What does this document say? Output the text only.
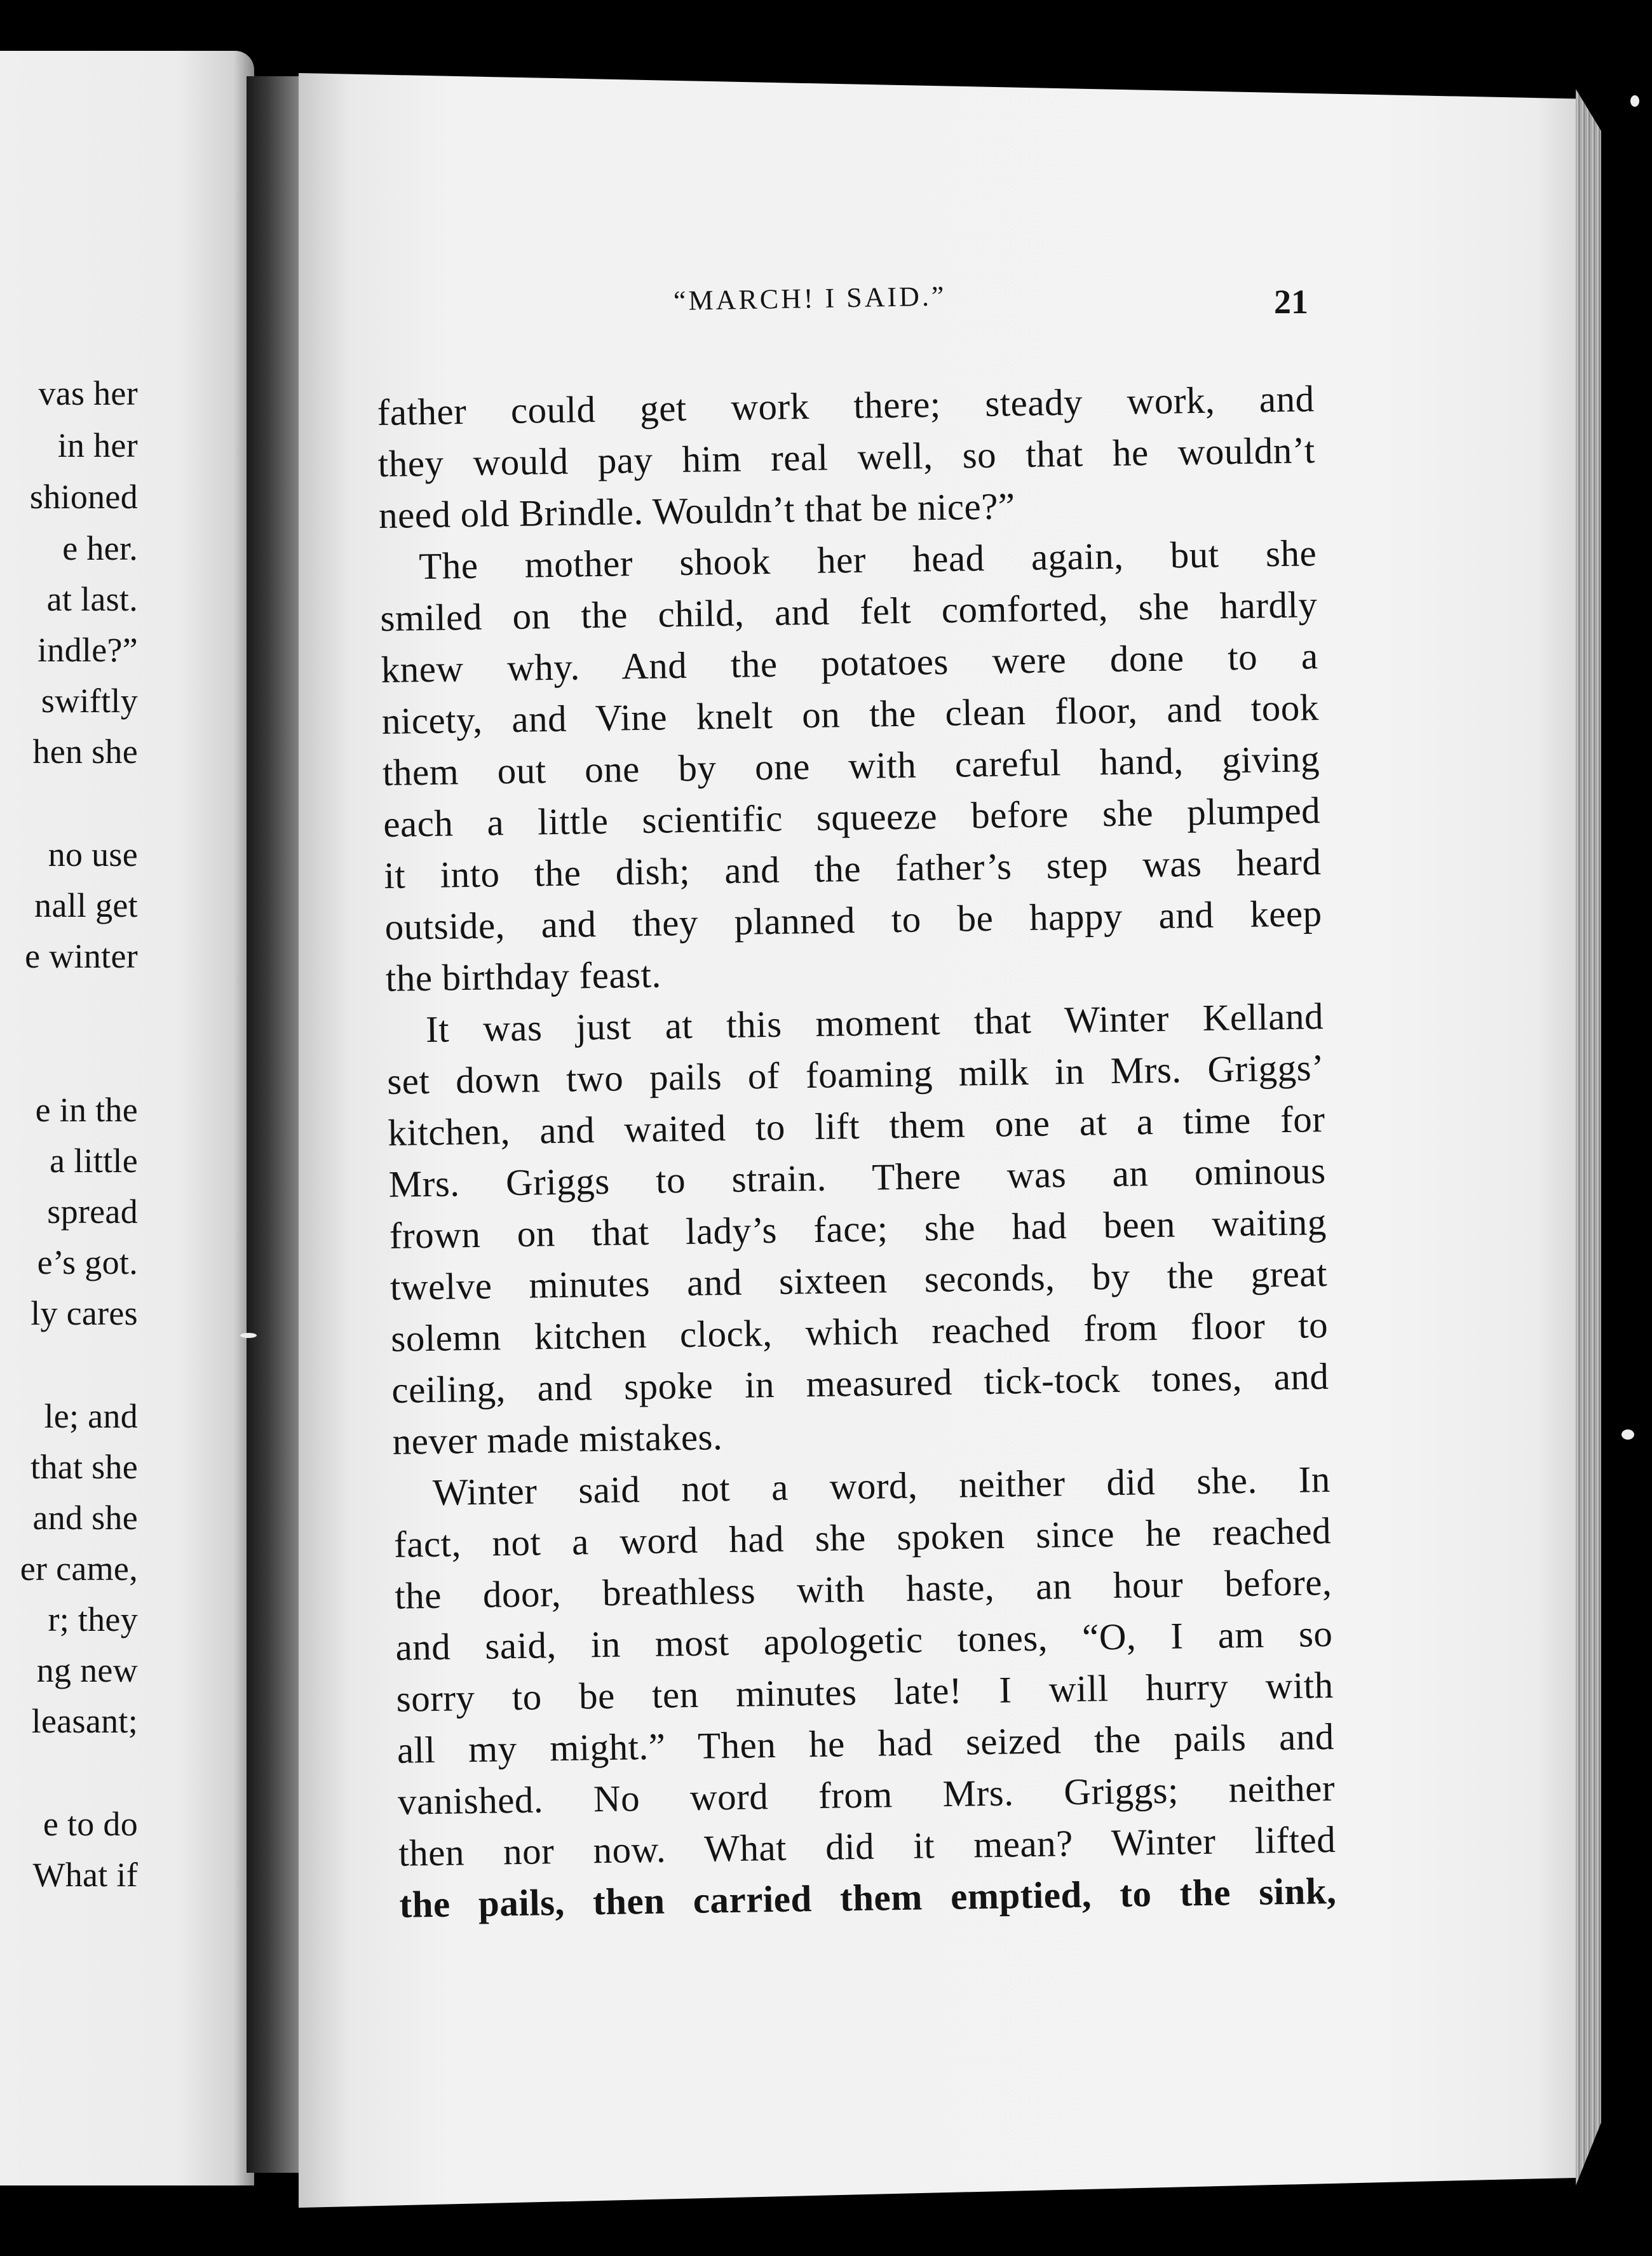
vas her
in her
shioned
e her.
at last.
indle?”
swiftly
hen she
no use
nall get
e winter
e in the
a little
spread
e’s got.
ly cares
le; and
that she
and she
er came,
r; they
ng new
leasant;
e to do
What if
“MARCH! I SAID.”	21
father could get work there; steady work, and
they would pay him real well, so that he wouldn’t
need old Brindle. Wouldn’t that be nice?”
The mother shook her head again, but she
smiled on the child, and felt comforted, she hardly
knew why. And the potatoes were done to a
nicety, and Vine knelt on the clean floor, and took
them out one by one with careful hand, giving
each a little scientific squeeze before she plumped
it into the dish; and the father’s step was heard
outside, and they planned to be happy and keep
the birthday feast.
It was just at this moment that Winter Kelland
set down two pails of foaming milk in Mrs. Griggs’
kitchen, and waited to lift them one at a time for
Mrs. Griggs to strain. There was an ominous
frown on that lady’s face; she had been waiting
twelve minutes and sixteen seconds, by the great
solemn kitchen clock, which reached from floor to
ceiling, and spoke in measured tick-tock tones, and
never made mistakes.
Winter said not a word, neither did she. In
fact, not a word had she spoken since he reached
the door, breathless with haste, an hour before,
and said, in most apologetic tones, “O, I am so
sorry to be ten minutes late! I will hurry with
all my might.” Then he had seized the pails and
vanished. No word from Mrs. Griggs; neither
then nor now. What did it mean? Winter lifted
the pails, then carried them emptied, to the sink,
